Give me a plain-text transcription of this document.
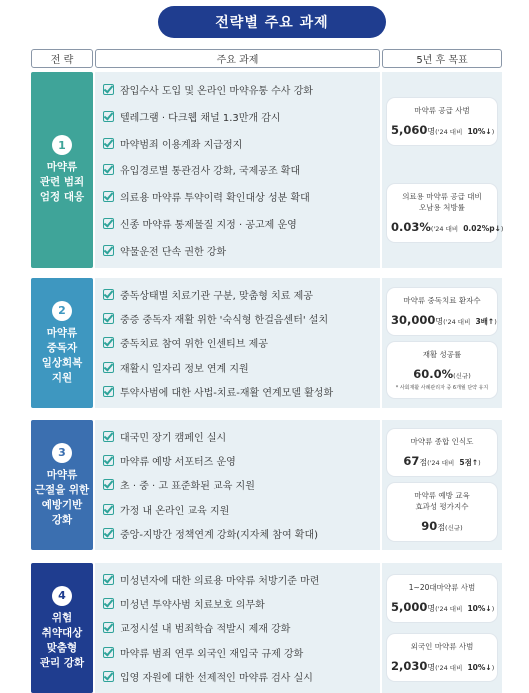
전략별 주요 과제
전 략	주요 과제	5년 후 목표
1
마약류
관련 범죄
엄정 대응
잠입수사 도입 및 온라인 마약유통 수사 강화
텔레그램 · 다크웹 채널 1.3만개 감시
마약범죄 이용계좌 지급정지
유입경로별 통관검사 강화, 국제공조 확대
의료용 마약류 투약이력 확인대상 성분 확대
신종 마약류 통제물질 지정 · 공고제 운영
약물운전 단속 권한 강화
마약류 공급 사범
5,060명('24 대비 10%↓)
의료용 마약류 공급 대비
오남용 처방률
0.03%('24 대비 0.02%p↓)
2
마약류
중독자
일상회복
지원
중독상태별 치료기관 구분, 맞춤형 치료 제공
중증 중독자 재활 위한 '숙식형 한걸음센터' 설치
중독치료 참여 위한 인센티브 제공
재활시 일자리 정보 연계 지원
투약사범에 대한 사법-치료-재활 연계모델 활성화
마약류 중독치료 환자수
30,000명('24 대비 3배↑)
재활 성공률
60.0%(신규)
* 사회재활 사례관리자 중 6개월 단약 유지
3
마약류
근절을 위한
예방기반
강화
대국민 장기 캠페인 실시
마약류 예방 서포터즈 운영
초 · 중 · 고 표준화된 교육 지원
가정 내 온라인 교육 지원
중앙-지방간 정책연계 강화(지자체 참여 확대)
마약류 종합 인식도
67점('24 대비 5점↑)
마약류 예방 교육
효과성 평가지수
90점(신규)
4
위험
취약대상
맞춤형
관리 강화
미성년자에 대한 의료용 마약류 처방기준 마련
미성년 투약사범 치료보호 의무화
교정시설 내 범죄학습 적발시 제재 강화
마약류 범죄 연루 외국인 재입국 규제 강화
입영 자원에 대한 선제적인 마약류 검사 실시
1~20대마약류 사범
5,000명('24 대비 10%↓)
외국인 마약류 사범
2,030명('24 대비 10%↓)
